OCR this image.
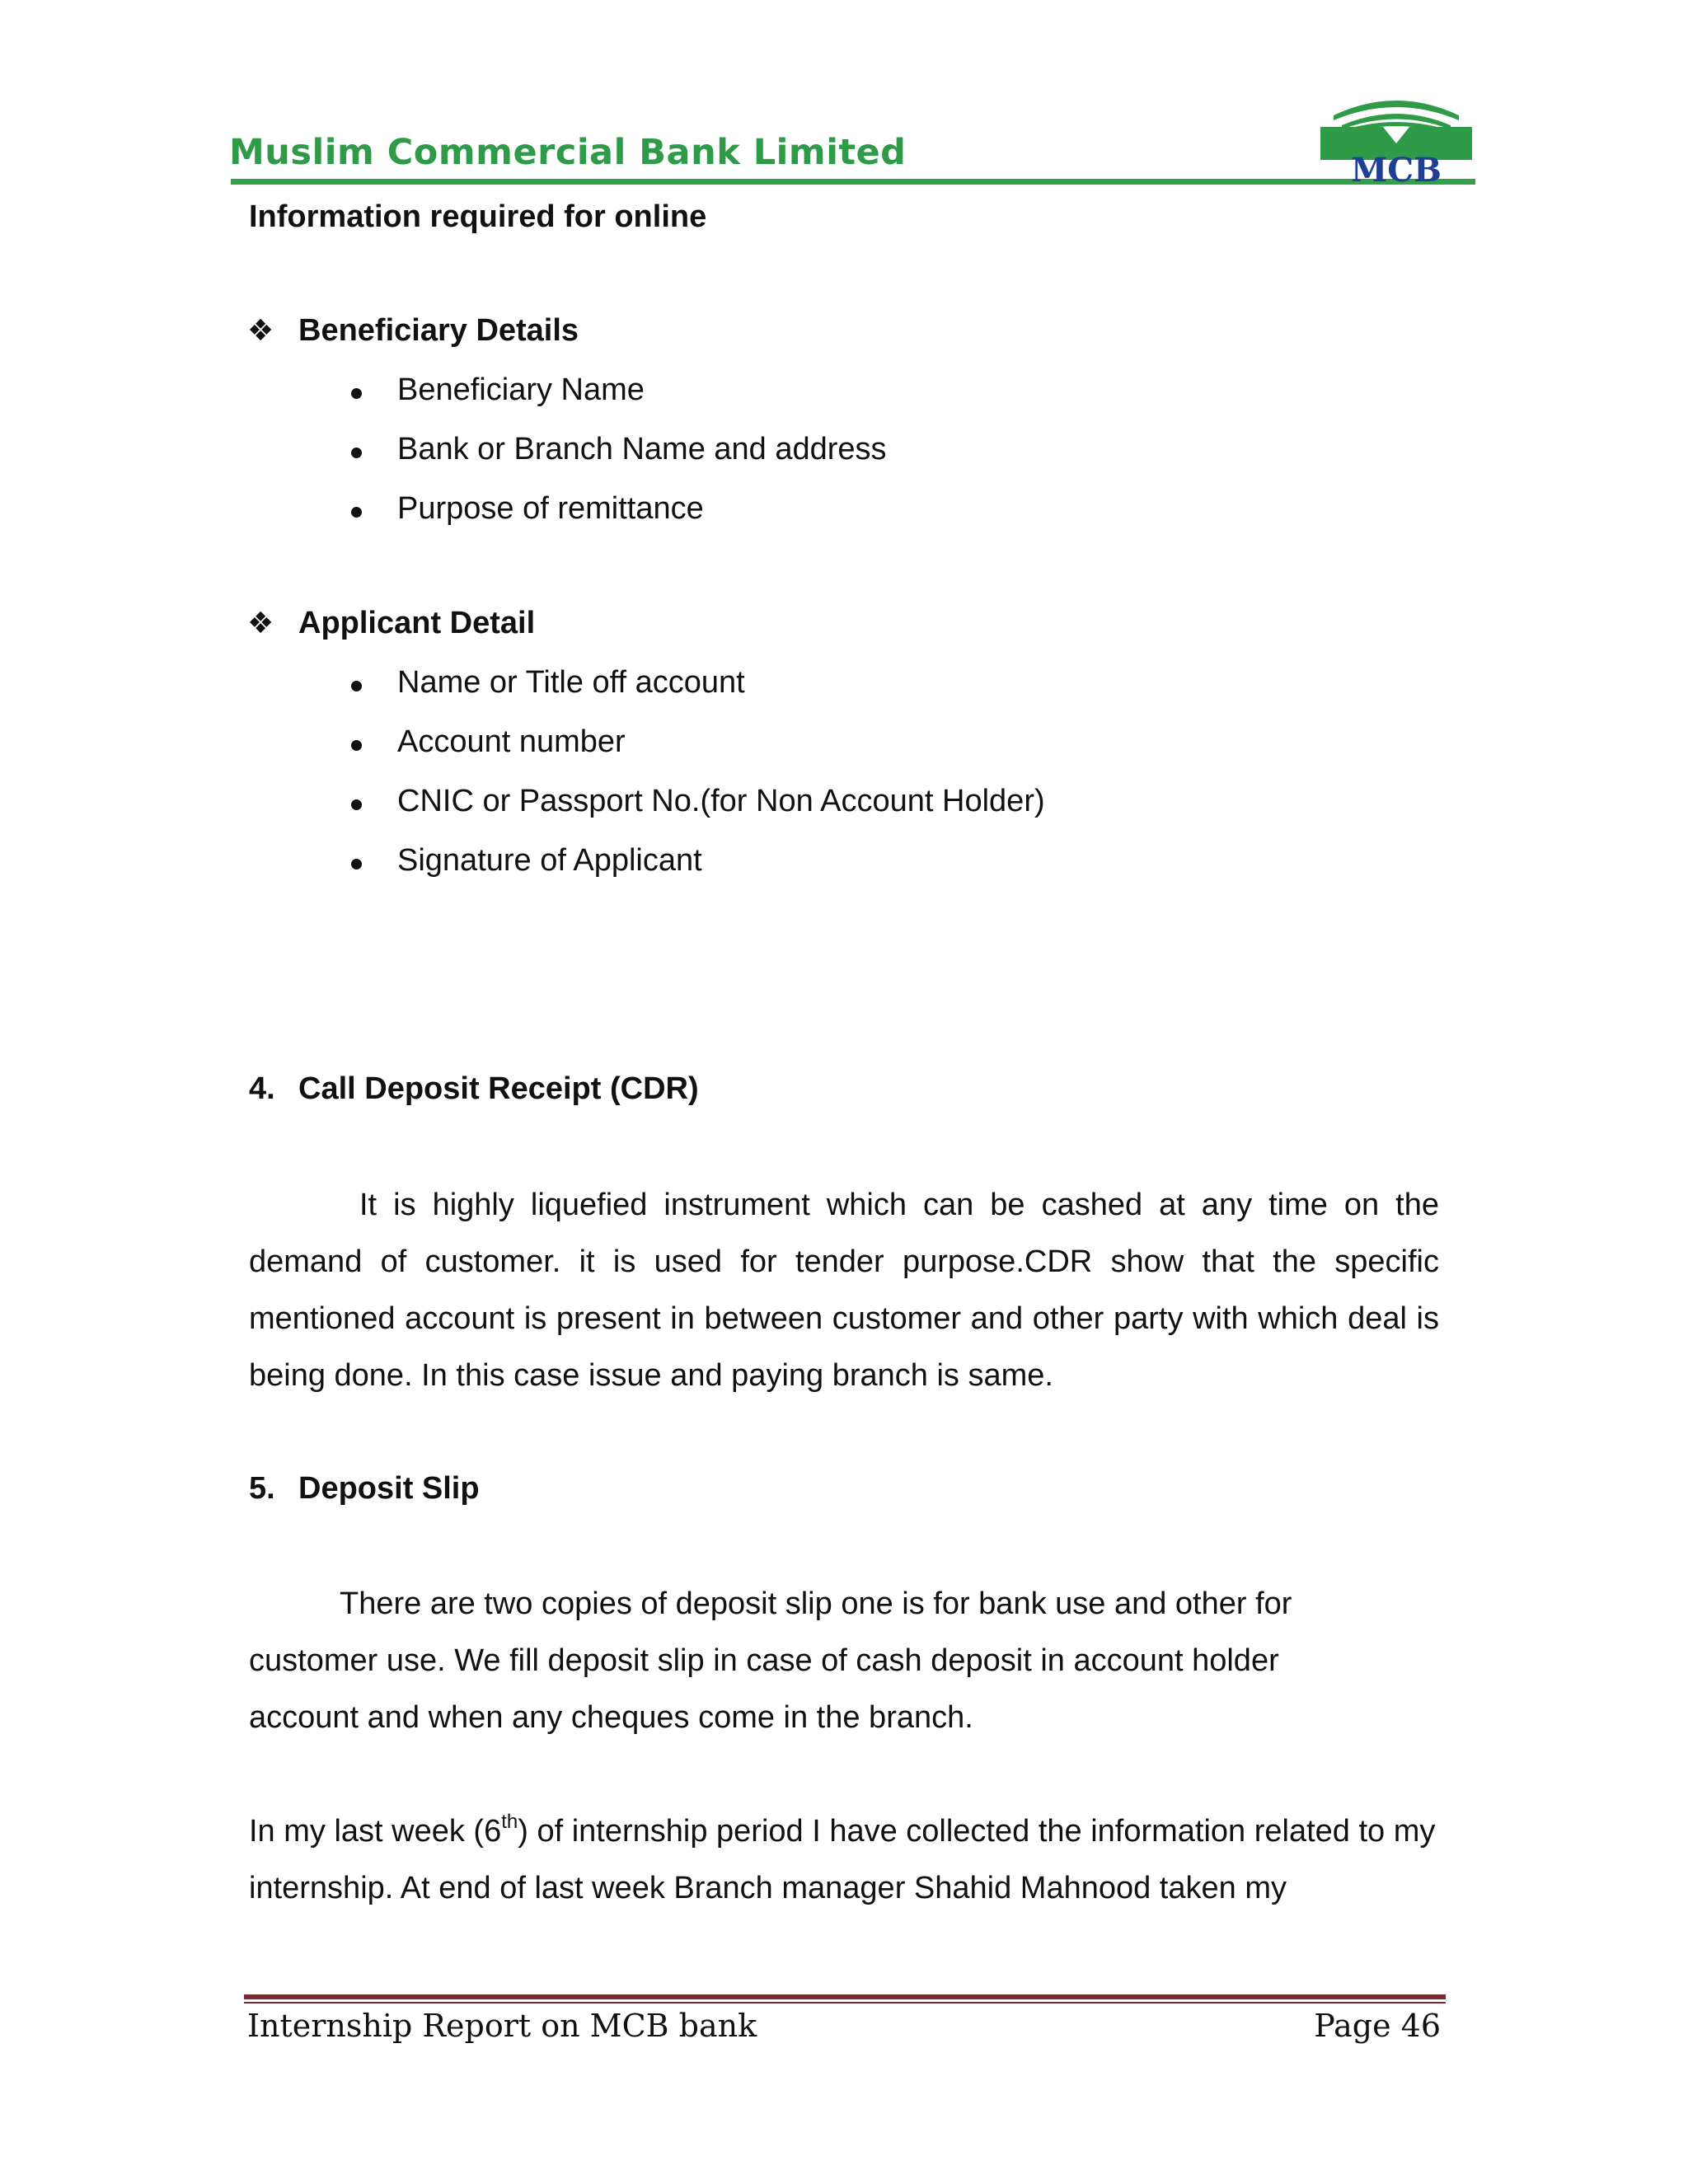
Muslim Commercial Bank Limited	MCB
Information required for online
❖ Beneficiary Details
Beneficiary Name
Bank or Branch Name and address
Purpose of remittance
❖ Applicant Detail
Name or Title off account
Account number
CNIC or Passport No.(for Non Account Holder)
Signature of Applicant
4. Call Deposit Receipt (CDR)
It is highly liquefied instrument which can be cashed at any time on the demand of customer. it is used for tender purpose.CDR show that the specific mentioned account is present in between customer and other party with which deal is being done. In this case issue and paying branch is same.
5. Deposit Slip
There are two copies of deposit slip one is for bank use and other for customer use. We fill deposit slip in case of cash deposit in account holder account and when any cheques come in the branch.
In my last week (6th) of internship period I have collected the information related to my internship. At end of last week Branch manager Shahid Mahnood taken my
Internship Report on MCB bank	Page 46
